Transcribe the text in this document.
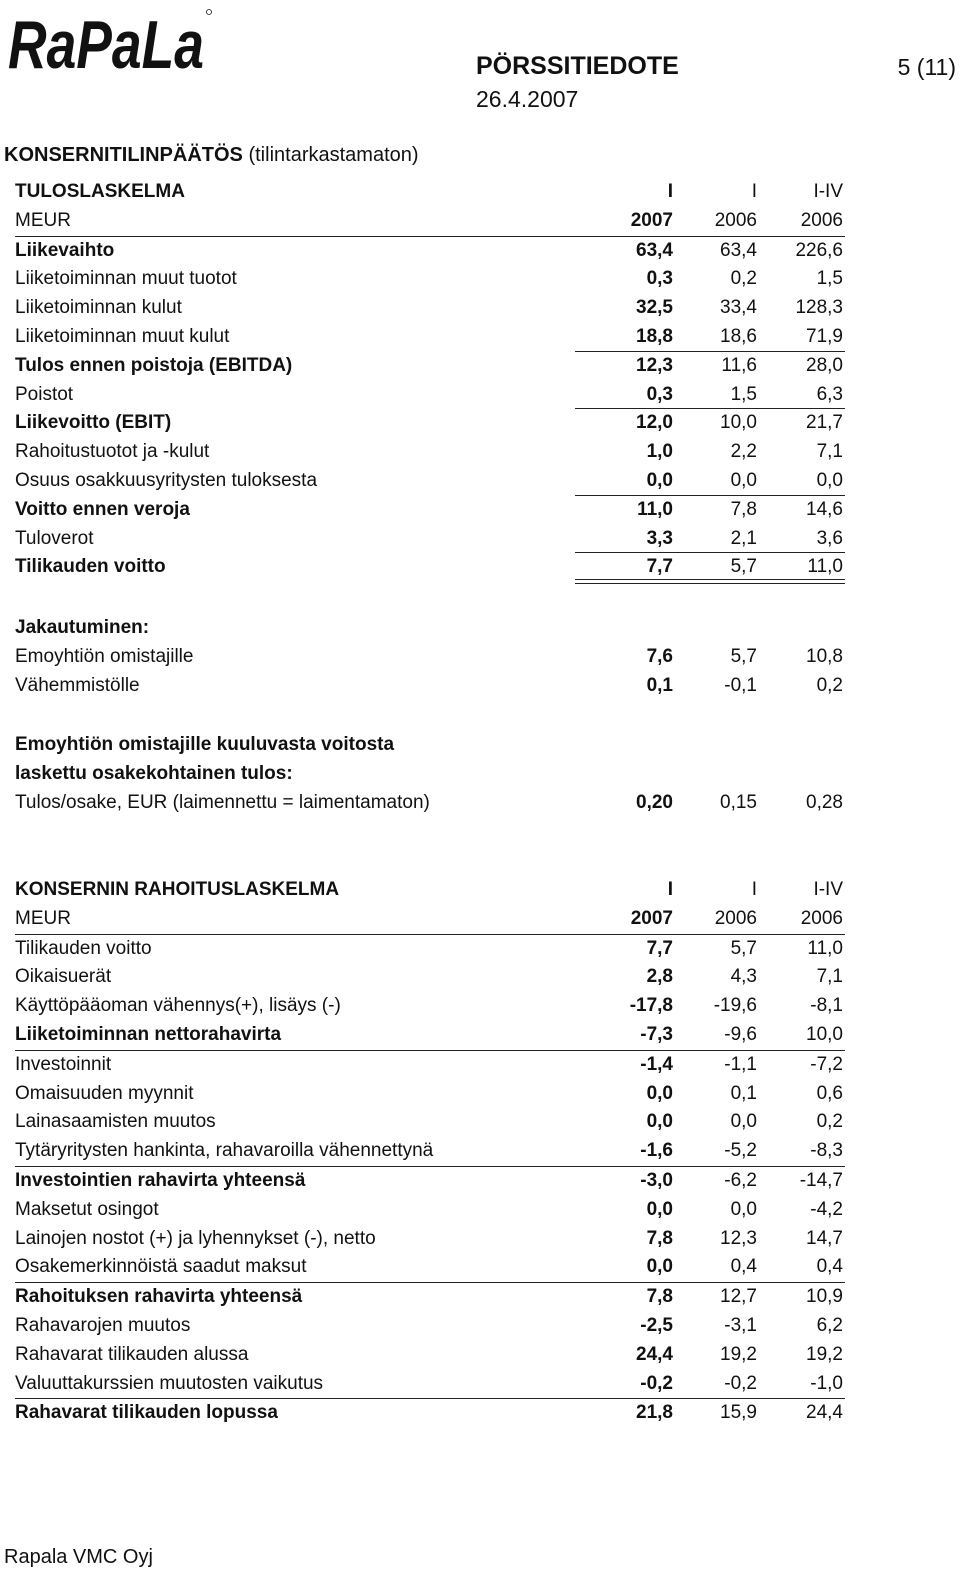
RaPaLa	PÖRSSITIEDOTE
26.4.2007
5 (11)
KONSERNITILINPÄÄTÖS (tilintarkastamaton)
TULOSLASKELMA	I	I	I-IV
MEUR	2007 2006 2006
Liikevaihto	63,4 63,4 226,6
Liiketoiminnan muut tuotot	0,3	0,2	1,5
Liiketoiminnan kulut	32,5 33,4 128,3
Liiketoiminnan muut kulut	18,8 18,6	71,9
Tulos ennen poistoja (EBITDA)	12,3	11,6	28,0
Poistot	0,3	1,5	6,3
Liikevoitto (EBIT)	12,0 10,0	21,7
Rahoitustuotot ja -kulut	1,0	2,2	7,1
Osuus osakkuusyritysten tuloksesta	0,0	0,0	0,0
Voitto ennen veroja	11,0	7,8	14,6
Tuloverot	3,3	2,1	3,6
Tilikauden voitto	7,7	5,7	11,0
Jakautuminen:
Emoyhtiön omistajille	7,6	5,7	10,8
Vähemmistölle	0,1	-0,1	0,2
Emoyhtiön omistajille kuuluvasta voitosta
laskettu osakekohtainen tulos:
Tulos/osake, EUR (laimennettu = laimentamaton)	0,20 0,15	0,28
KONSERNIN RAHOITUSLASKELMA	I	I	I-IV
MEUR	2007 2006 2006
Tilikauden voitto	7,7	5,7	11,0
Oikaisuerät	2,8	4,3	7,1
Käyttöpääoman vähennys(+), lisäys (-)	-17,8 -19,6	-8,1
Liiketoiminnan nettorahavirta	-7,3	-9,6	10,0
Investoinnit	-1,4	-1,1	-7,2
Omaisuuden myynnit	0,0	0,1	0,6
Lainasaamisten muutos	0,0	0,0	0,2
Tytäryritysten hankinta, rahavaroilla vähennettynä	-1,6	-5,2	-8,3
Investointien rahavirta yhteensä	-3,0	-6,2 -14,7
Maksetut osingot	0,0	0,0	-4,2
Lainojen nostot (+) ja lyhennykset (-), netto	7,8 12,3	14,7
Osakemerkinnöistä saadut maksut	0,0	0,4	0,4
Rahoituksen rahavirta yhteensä	7,8 12,7	10,9
Rahavarojen muutos	-2,5	-3,1	6,2
Rahavarat tilikauden alussa	24,4 19,2	19,2
Valuuttakurssien muutosten vaikutus	-0,2	-0,2	-1,0
Rahavarat tilikauden lopussa	21,8 15,9	24,4
Rapala VMC Oyj
